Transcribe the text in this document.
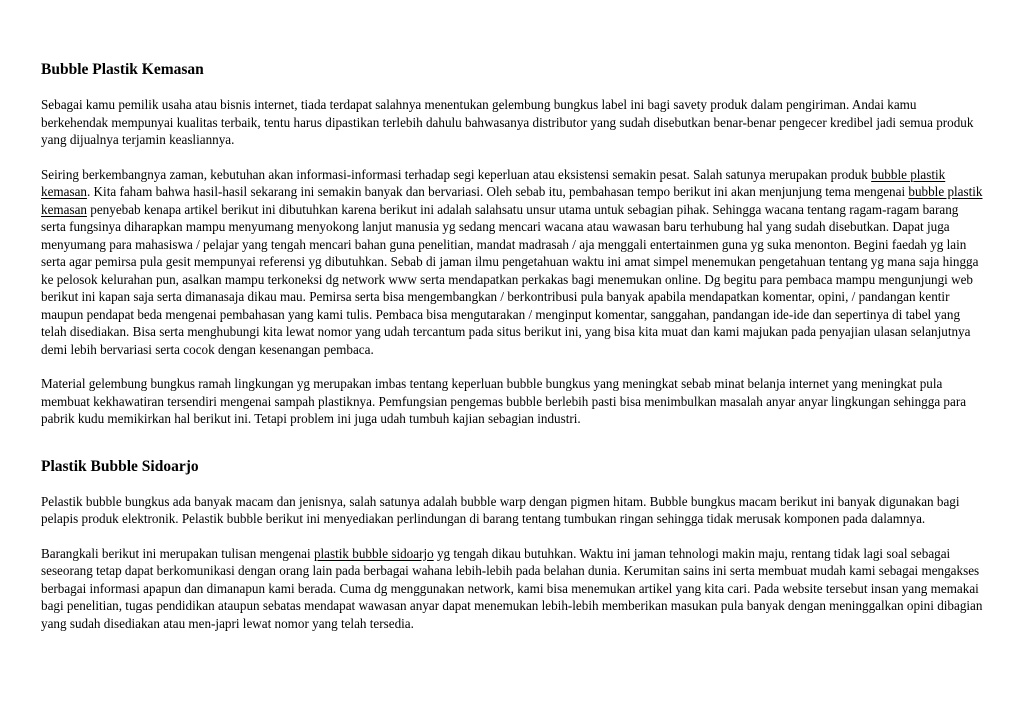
Bubble Plastik Kemasan

Sebagai kamu pemilik usaha atau bisnis internet, tiada terdapat salahnya menentukan gelembung bungkus label ini bagi savety produk dalam pengiriman. Andai kamu berkehendak mempunyai kualitas terbaik, tentu harus dipastikan terlebih dahulu bahwasanya distributor yang sudah disebutkan benar-benar pengecer kredibel jadi semua produk yang dijualnya terjamin keasliannya.

Seiring berkembangnya zaman, kebutuhan akan informasi-informasi terhadap segi keperluan atau eksistensi semakin pesat. Salah satunya merupakan produk bubble plastik kemasan. Kita faham bahwa hasil-hasil sekarang ini semakin banyak dan bervariasi. Oleh sebab itu, pembahasan tempo berikut ini akan menjunjung tema mengenai bubble plastik kemasan penyebab kenapa artikel berikut ini dibutuhkan karena berikut ini adalah salahsatu unsur utama untuk sebagian pihak. Sehingga wacana tentang ragam-ragam barang serta fungsinya diharapkan mampu menyumang menyokong lanjut manusia yg sedang mencari wacana atau wawasan baru terhubung hal yang sudah disebutkan. Dapat juga menyumang para mahasiswa / pelajar yang tengah mencari bahan guna penelitian, mandat madrasah / aja menggali entertainmen guna yg suka menonton. Begini faedah yg lain serta agar pemirsa pula gesit mempunyai referensi yg dibutuhkan. Sebab di jaman ilmu pengetahuan waktu ini amat simpel menemukan pengetahuan tentang yg mana saja hingga ke pelosok kelurahan pun, asalkan mampu terkoneksi dg network www serta mendapatkan perkakas bagi menemukan online. Dg begitu para pembaca mampu mengunjungi web berikut ini kapan saja serta dimanasaja dikau mau. Pemirsa serta bisa mengembangkan / berkontribusi pula banyak apabila mendapatkan komentar, opini, / pandangan kentir maupun pendapat beda mengenai pembahasan yang kami tulis. Pembaca bisa mengutarakan / menginput komentar, sanggahan, pandangan ide-ide dan sepertinya di tabel yang telah disediakan. Bisa serta menghubungi kita lewat nomor yang udah tercantum pada situs berikut ini, yang bisa kita muat dan kami majukan pada penyajian ulasan selanjutnya demi lebih bervariasi serta cocok dengan kesenangan pembaca.

Material gelembung bungkus ramah lingkungan yg merupakan imbas tentang keperluan bubble bungkus yang meningkat sebab minat belanja internet yang meningkat pula membuat kekhawatiran tersendiri mengenai sampah plastiknya. Pemfungsian pengemas bubble berlebih pasti bisa menimbulkan masalah anyar anyar lingkungan sehingga para pabrik kudu memikirkan hal berikut ini. Tetapi problem ini juga udah tumbuh kajian sebagian industri.

Plastik Bubble Sidoarjo

Pelastik bubble bungkus ada banyak macam dan jenisnya, salah satunya adalah bubble warp dengan pigmen hitam. Bubble bungkus macam berikut ini banyak digunakan bagi pelapis produk elektronik. Pelastik bubble berikut ini menyediakan perlindungan di barang tentang tumbukan ringan sehingga tidak merusak komponen pada dalamnya.

Barangkali berikut ini merupakan tulisan mengenai plastik bubble sidoarjo yg tengah dikau butuhkan. Waktu ini jaman tehnologi makin maju, rentang tidak lagi soal sebagai seseorang tetap dapat berkomunikasi dengan orang lain pada berbagai wahana lebih-lebih pada belahan dunia. Kerumitan sains ini serta membuat mudah kami sebagai mengakses berbagai informasi apapun dan dimanapun kami berada. Cuma dg menggunakan network, kami bisa menemukan artikel yang kita cari. Pada website tersebut insan yang memakai bagi penelitian, tugas pendidikan ataupun sebatas mendapat wawasan anyar dapat menemukan lebih-lebih memberikan masukan pula banyak dengan meninggalkan opini dibagian yang sudah disediakan atau men-japri lewat nomor yang telah tersedia.
